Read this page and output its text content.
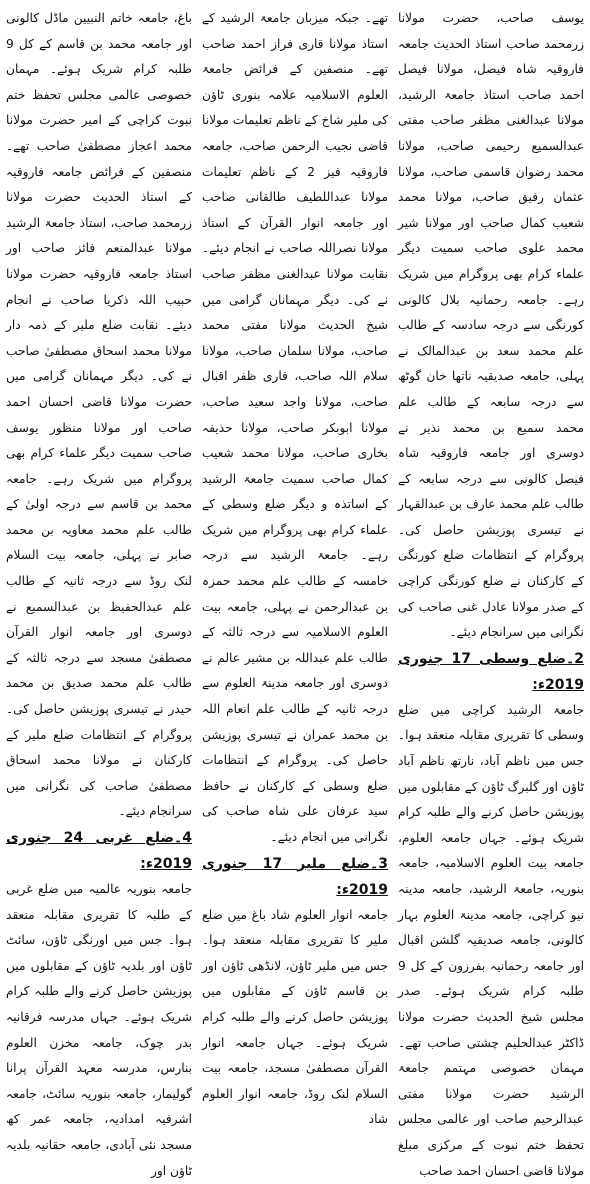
یوسف صاحب، حضرت مولانا زرمحمد صاحب استاذ الحدیث جامعہ فاروقیہ شاہ فیصل، مولانا فیصل احمد صاحب استاذ جامعۃ الرشید، مولانا عبدالغنی مظفر صاحب مفتی عبدالسمیع رحیمی صاحب، مولانا محمد رضوان قاسمی صاحب، مولانا عثمان رفیق صاحب، مولانا محمد شعیب کمال صاحب اور مولانا شیر محمد علوی صاحب سمیت دیگر علماء کرام بھی پروگرام میں شریک رہے۔ جامعہ رحمانیہ بلال کالونی کورنگی سے درجہ سادسہ کے طالب علم محمد سعد بن عبدالمالک نے پہلی، جامعہ صدیقیہ ناتھا خان گوٹھ سے درجہ سابعہ کے طالب علم محمد سمیع بن محمد نذیر نے دوسری اور جامعہ فاروقیہ شاہ فیصل کالونی سے درجہ سابعہ کے طالب علم محمد عارف بن عبدالقہار نے تیسری پوزیشن حاصل کی۔ پروگرام کے انتظامات ضلع کورنگی کے کارکنان نے ضلع کورنگی کراچی کے صدر مولانا عادل غنی صاحب کی نگرانی میں سرانجام دیئے۔

2۔ضلع وسطی 17 جنوری 2019ء:

جامعۃ الرشید کراچی میں ضلع وسطی کا تقریری مقابلہ منعقد ہوا۔ جس میں ناظم آباد، نارتھ ناظم آباد ٹاؤن اور گلبرگ ٹاؤن کے مقابلوں میں پوزیشن حاصل کرنے والے طلبہ کرام شریک ہوئے۔ جہاں جامعہ العلوم، جامعہ بیت العلوم الاسلامیہ، جامعہ بنوریہ، جامعۃ الرشید، جامعہ مدینہ نیو کراچی، جامعہ مدینۃ العلوم بہار کالونی، جامعہ صدیقیہ گلشن اقبال اور جامعہ رحمانیہ بفرزون کے کل 9 طلبہ کرام شریک ہوئے۔ صدر مجلس شیخ الحدیث حضرت مولانا ڈاکٹر عبدالحلیم چشتی صاحب تھے۔ مہمان خصوصی مہتمم جامعۃ الرشید حضرت مولانا مفتی عبدالرحیم صاحب اور عالمی مجلس تحفظ ختم نبوت کے مرکزی مبلغ مولانا قاضی احسان احمد صاحب

تھے۔ جبکہ میزبان جامعۃ الرشید کے استاذ مولانا قاری فراز احمد صاحب تھے۔ منصفین کے فرائض جامعۃ العلوم الاسلامیہ علامہ بنوری ٹاؤن کی ملیر شاخ کے ناظم تعلیمات مولانا قاضی نجیب الرحمن صاحب، جامعہ فاروقیہ فیز 2 کے ناظم تعلیمات مولانا عبداللطیف طالقانی صاحب اور جامعہ انوار القرآن کے استاذ مولانا نصراللہ صاحب نے انجام دیئے۔ نقابت مولانا عبدالغنی مظفر صاحب نے کی۔ دیگر مہمانان گرامی میں شیخ الحدیث مولانا مفتی محمد صاحب، مولانا سلمان صاحب، مولانا سلام اللہ صاحب، قاری ظفر اقبال صاحب، مولانا واجد سعید صاحب، مولانا ابوبکر صاحب، مولانا حذیفہ بخاری صاحب، مولانا محمد شعیب کمال صاحب سمیت جامعۃ الرشید کے اساتذہ و دیگر ضلع وسطی کے علماء کرام بھی پروگرام میں شریک رہے۔ جامعۃ الرشید سے درجہ خامسہ کے طالب علم محمد حمزہ بن عبدالرحمن نے پہلی، جامعہ بیت العلوم الاسلامیہ سے درجہ ثالثہ کے طالب علم عبداللہ بن مشیر عالم نے دوسری اور جامعہ مدینۃ العلوم سے درجہ ثانیہ کے طالب علم انعام اللہ بن محمد عمران نے تیسری پوزیشن حاصل کی۔ پروگرام کے انتظامات ضلع وسطی کے کارکنان نے حافظ سید عرفان علی شاہ صاحب کی نگرانی میں انجام دیئے۔

3۔ضلع ملیر 17 جنوری 2019ء:

جامعہ انوار العلوم شاد باغ میں ضلع ملیر کا تقریری مقابلہ منعقد ہوا۔ جس میں ملیر ٹاؤن، لانڈھی ٹاؤن اور بن قاسم ٹاؤن کے مقابلوں میں پوزیشن حاصل کرنے والے طلبہ کرام شریک ہوئے۔ جہاں جامعہ انوار القرآن مصطفیٰ مسجد، جامعہ بیت السلام لنک روڈ، جامعہ انوار العلوم شاد

باغ، جامعہ خاتم النبیین ماڈل کالونی اور جامعہ محمد بن قاسم کے کل 9 طلبہ کرام شریک ہوئے۔ مہمان خصوصی عالمی مجلس تحفظ ختم نبوت کراچی کے امیر حضرت مولانا محمد اعجاز مصطفیٰ صاحب تھے۔ منصفین کے فرائض جامعہ فاروقیہ کے استاذ الحدیث حضرت مولانا زرمحمد صاحب، استاذ جامعۃ الرشید مولانا عبدالمنعم فائز صاحب اور استاذ جامعہ فاروقیہ حضرت مولانا حبیب اللہ ذکریا صاحب نے انجام دیئے۔ نقابت ضلع ملیر کے ذمہ دار مولانا محمد اسحاق مصطفیٰ صاحب نے کی۔ دیگر مہمانان گرامی میں حضرت مولانا قاضی احسان احمد صاحب اور مولانا منظور یوسف صاحب سمیت دیگر علماء کرام بھی پروگرام میں شریک رہے۔ جامعہ محمد بن قاسم سے درجہ اولیٰ کے طالب علم محمد معاویہ بن محمد صابر نے پہلی، جامعہ بیت السلام لنک روڈ سے درجہ ثانیہ کے طالب علم عبدالحفیظ بن عبدالسمیع نے دوسری اور جامعہ انوار القرآن مصطفیٰ مسجد سے درجہ ثالثہ کے طالب علم محمد صدیق بن محمد حیدر نے تیسری پوزیشن حاصل کی۔ پروگرام کے انتظامات ضلع ملیر کے کارکنان نے مولانا محمد اسحاق مصطفیٰ صاحب کی نگرانی میں سرانجام دیئے۔

4۔ضلع غربی 24 جنوری 2019ء:

جامعہ بنوریہ عالمیہ میں ضلع غربی کے طلبہ کا تقریری مقابلہ منعقد ہوا۔ جس میں اورنگی ٹاؤن، سائٹ ٹاؤن اور بلدیہ ٹاؤن کے مقابلوں میں پوزیشن حاصل کرنے والے طلبہ کرام شریک ہوئے۔ جہاں مدرسہ فرقانیہ بدر چوک، جامعہ مخزن العلوم بنارس، مدرسہ معہد القرآن پرانا گولیمار، جامعہ بنوریہ سائٹ، جامعہ اشرفیہ امدادیہ، جامعہ عمر کھ مسجد نئی آبادی، جامعہ حقانیہ بلدیہ ٹاؤن اور
